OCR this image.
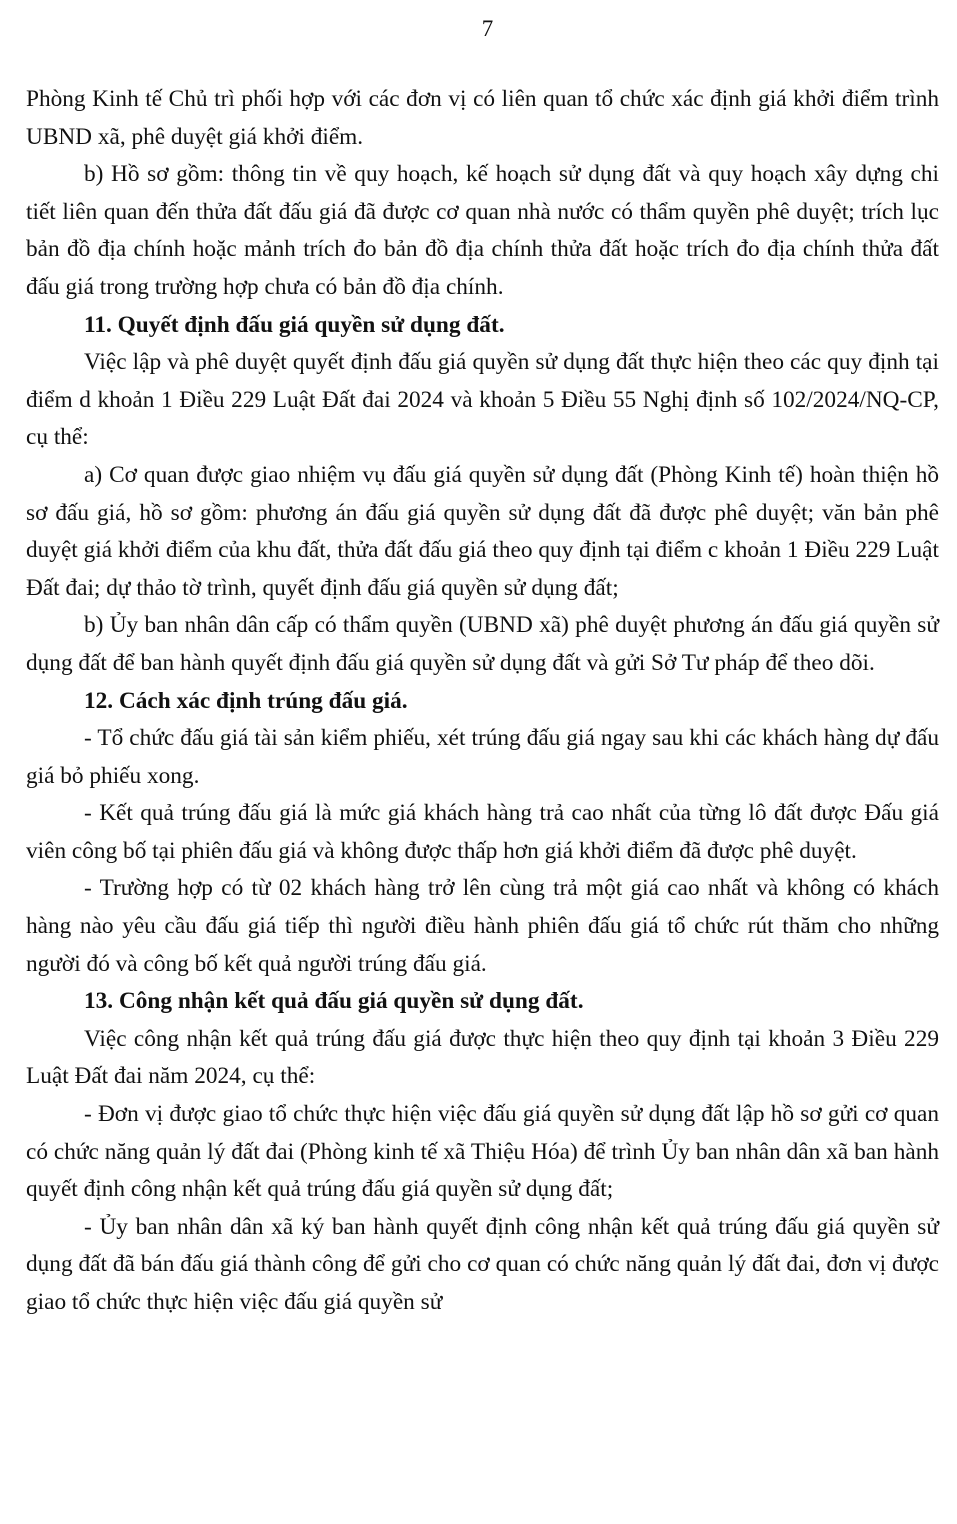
7

Phòng Kinh tế Chủ trì phối hợp với các đơn vị có liên quan tổ chức xác định giá khởi điểm trình UBND xã, phê duyệt giá khởi điểm.

b) Hồ sơ gồm: thông tin về quy hoạch, kế hoạch sử dụng đất và quy hoạch xây dựng chi tiết liên quan đến thửa đất đấu giá đã được cơ quan nhà nước có thẩm quyền phê duyệt; trích lục bản đồ địa chính hoặc mảnh trích đo bản đồ địa chính thửa đất hoặc trích đo địa chính thửa đất đấu giá trong trường hợp chưa có bản đồ địa chính.

11. Quyết định đấu giá quyền sử dụng đất.

Việc lập và phê duyệt quyết định đấu giá quyền sử dụng đất thực hiện theo các quy định tại điểm d khoản 1 Điều 229 Luật Đất đai 2024 và khoản 5 Điều 55 Nghị định số 102/2024/NQ-CP, cụ thể:

a) Cơ quan được giao nhiệm vụ đấu giá quyền sử dụng đất (Phòng Kinh tế) hoàn thiện hồ sơ đấu giá, hồ sơ gồm: phương án đấu giá quyền sử dụng đất đã được phê duyệt; văn bản phê duyệt giá khởi điểm của khu đất, thửa đất đấu giá theo quy định tại điểm c khoản 1 Điều 229 Luật Đất đai; dự thảo tờ trình, quyết định đấu giá quyền sử dụng đất;

b) Ủy ban nhân dân cấp có thẩm quyền (UBND xã) phê duyệt phương án đấu giá quyền sử dụng đất để ban hành quyết định đấu giá quyền sử dụng đất và gửi Sở Tư pháp để theo dõi.

12. Cách xác định trúng đấu giá.

- Tổ chức đấu giá tài sản kiểm phiếu, xét trúng đấu giá ngay sau khi các khách hàng dự đấu giá bỏ phiếu xong.

- Kết quả trúng đấu giá là mức giá khách hàng trả cao nhất của từng lô đất được Đấu giá viên công bố tại phiên đấu giá và không được thấp hơn giá khởi điểm đã được phê duyệt.

- Trường hợp có từ 02 khách hàng trở lên cùng trả một giá cao nhất và không có khách hàng nào yêu cầu đấu giá tiếp thì người điều hành phiên đấu giá tổ chức rút thăm cho những người đó và công bố kết quả người trúng đấu giá.

13. Công nhận kết quả đấu giá quyền sử dụng đất.

Việc công nhận kết quả trúng đấu giá được thực hiện theo quy định tại khoản 3 Điều 229 Luật Đất đai năm 2024, cụ thể:

- Đơn vị được giao tổ chức thực hiện việc đấu giá quyền sử dụng đất lập hồ sơ gửi cơ quan có chức năng quản lý đất đai (Phòng kinh tế xã Thiệu Hóa) để trình Ủy ban nhân dân xã ban hành quyết định công nhận kết quả trúng đấu giá quyền sử dụng đất;

- Ủy ban nhân dân xã ký ban hành quyết định công nhận kết quả trúng đấu giá quyền sử dụng đất đã bán đấu giá thành công để gửi cho cơ quan có chức năng quản lý đất đai, đơn vị được giao tổ chức thực hiện việc đấu giá quyền sử
